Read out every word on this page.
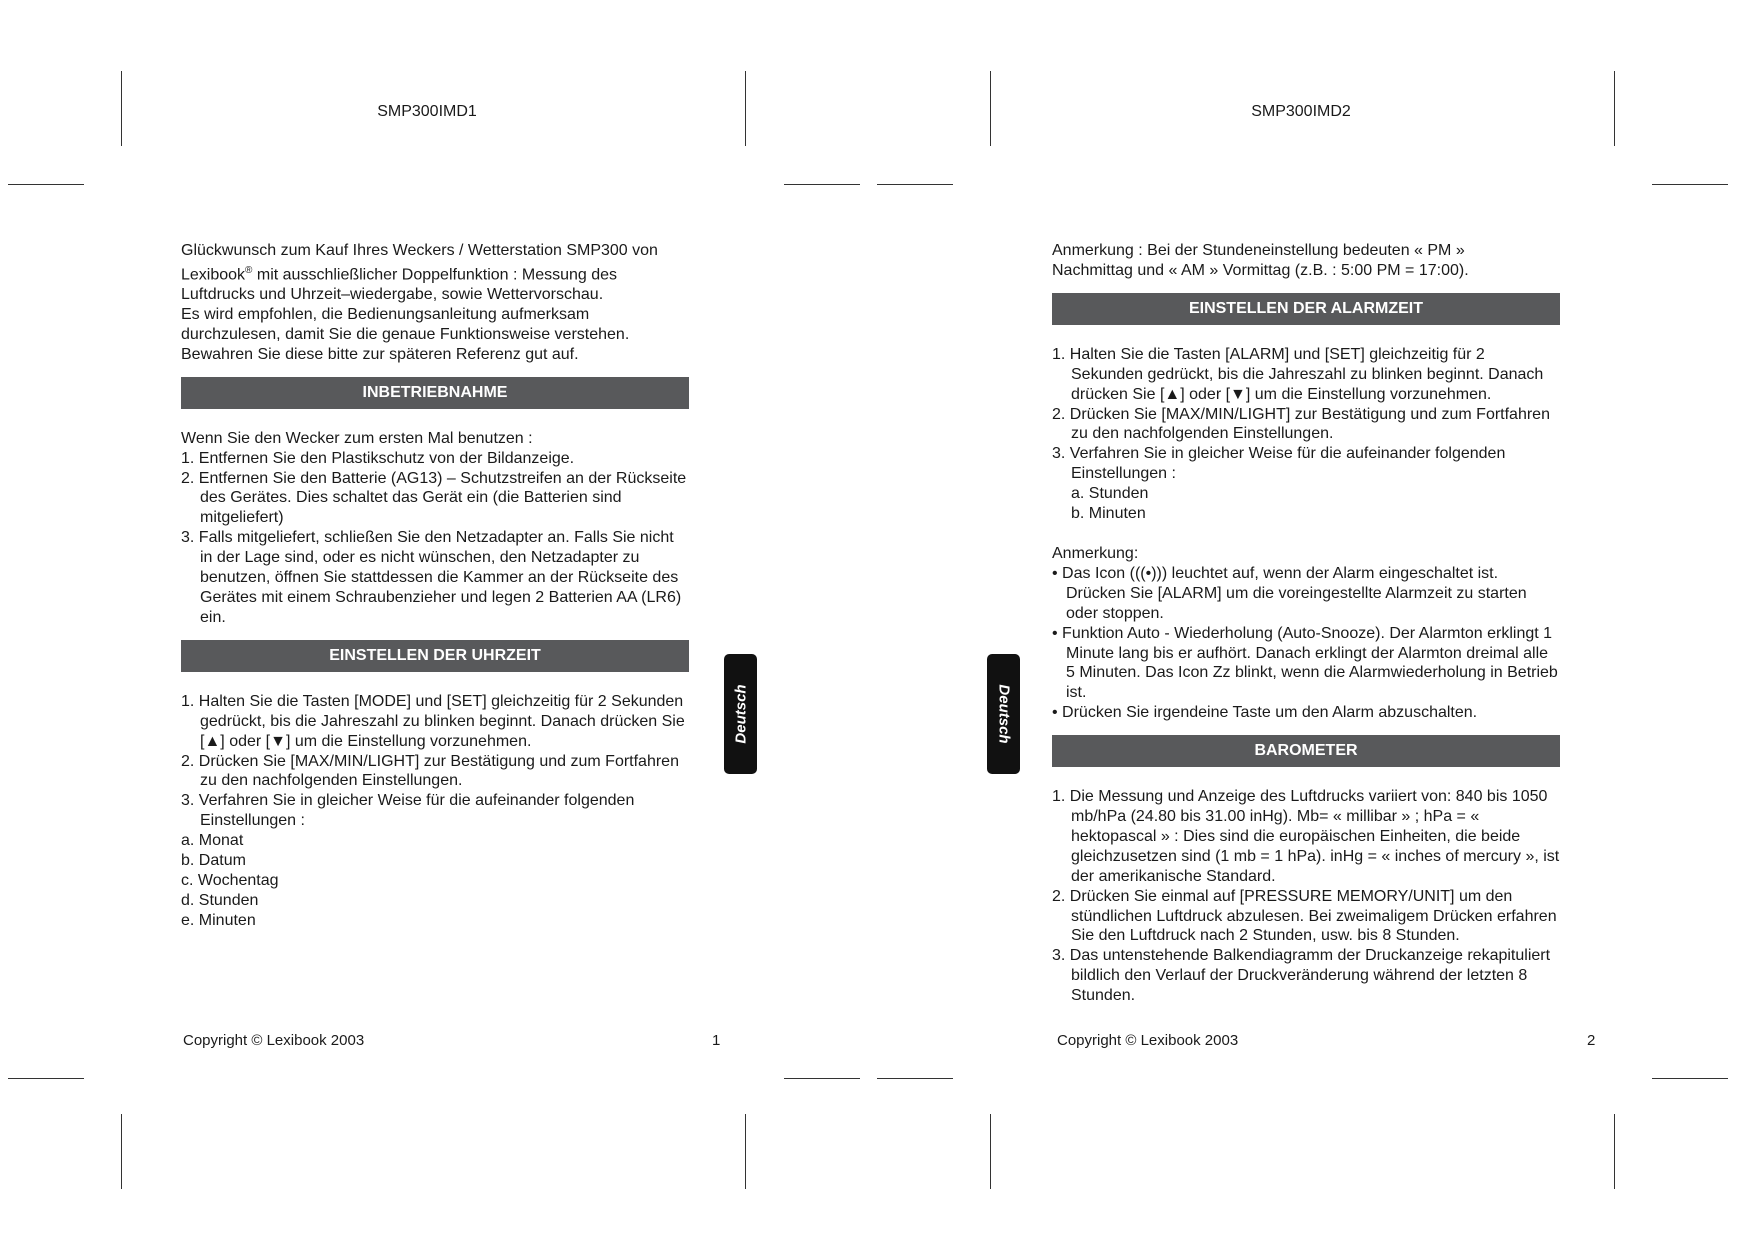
SMP300IMD1

Glückwunsch zum Kauf Ihres Weckers / Wetterstation SMP300 von

Lexibook® mit ausschließlicher Doppelfunktion : Messung des

Luftdrucks und Uhrzeit–wiedergabe, sowie Wettervorschau.

Es wird empfohlen, die Bedienungsanleitung aufmerksam

durchzulesen, damit Sie die genaue Funktionsweise verstehen.

Bewahren Sie diese bitte zur späteren Referenz gut auf.

INBETRIEBNAHME

Wenn Sie den Wecker zum ersten Mal benutzen :

1. Entfernen Sie den Plastikschutz von der Bildanzeige.

2. Entfernen Sie den Batterie (AG13) – Schutzstreifen an der Rückseite des Gerätes. Dies schaltet das Gerät ein (die Batterien sind mitgeliefert)

3. Falls mitgeliefert, schließen Sie den Netzadapter an. Falls Sie nicht in der Lage sind, oder es nicht wünschen, den Netzadapter zu benutzen, öffnen Sie stattdessen die Kammer an der Rückseite des Gerätes mit einem Schraubenzieher und legen 2 Batterien AA (LR6) ein.

EINSTELLEN DER UHRZEIT

1. Halten Sie die Tasten [MODE] und [SET] gleichzeitig für 2 Sekunden gedrückt, bis die Jahreszahl zu blinken beginnt. Danach drücken Sie [▲] oder [▼] um die Einstellung vorzunehmen.

2. Drücken Sie [MAX/MIN/LIGHT] zur Bestätigung und zum Fortfahren zu den nachfolgenden Einstellungen.

3. Verfahren Sie in gleicher Weise für die aufeinander folgenden Einstellungen :

a. Monat

b. Datum

c. Wochentag

d. Stunden

e. Minuten

Deutsch
Copyright © Lexibook 2003	1
SMP300IMD2

Anmerkung : Bei der Stundeneinstellung bedeuten « PM »

Nachmittag und « AM » Vormittag (z.B. : 5:00 PM = 17:00).

EINSTELLEN DER ALARMZEIT

1. Halten Sie die Tasten [ALARM] und [SET] gleichzeitig für 2 Sekunden gedrückt, bis die Jahreszahl zu blinken beginnt. Danach drücken Sie [▲] oder [▼] um die Einstellung vorzunehmen.

2. Drücken Sie [MAX/MIN/LIGHT] zur Bestätigung und zum Fortfahren zu den nachfolgenden Einstellungen.

3. Verfahren Sie in gleicher Weise für die aufeinander folgenden Einstellungen :

a. Stunden

b. Minuten

Anmerkung:

• Das Icon (((•))) leuchtet auf, wenn der Alarm eingeschaltet ist. Drücken Sie [ALARM] um die voreingestellte Alarmzeit zu starten oder stoppen.

• Funktion Auto - Wiederholung (Auto-Snooze). Der Alarmton erklingt 1 Minute lang bis er aufhört. Danach erklingt der Alarmton dreimal alle 5 Minuten. Das Icon Zz blinkt, wenn die Alarmwiederholung in Betrieb ist.

• Drücken Sie irgendeine Taste um den Alarm abzuschalten.

BAROMETER

1. Die Messung und Anzeige des Luftdrucks variiert von: 840 bis 1050 mb/hPa (24.80 bis 31.00 inHg). Mb= « millibar » ; hPa = « hektopascal » : Dies sind die europäischen Einheiten, die beide gleichzusetzen sind (1 mb = 1 hPa). inHg = « inches of mercury », ist der amerikanische Standard.

2. Drücken Sie einmal auf [PRESSURE MEMORY/UNIT] um den stündlichen Luftdruck abzulesen. Bei zweimaligem Drücken erfahren Sie den Luftdruck nach 2 Stunden, usw. bis 8 Stunden.

3. Das untenstehende Balkendiagramm der Druckanzeige rekapituliert bildlich den Verlauf der Druckveränderung während der letzten 8 Stunden.

Deutsch
Copyright © Lexibook 2003	2
